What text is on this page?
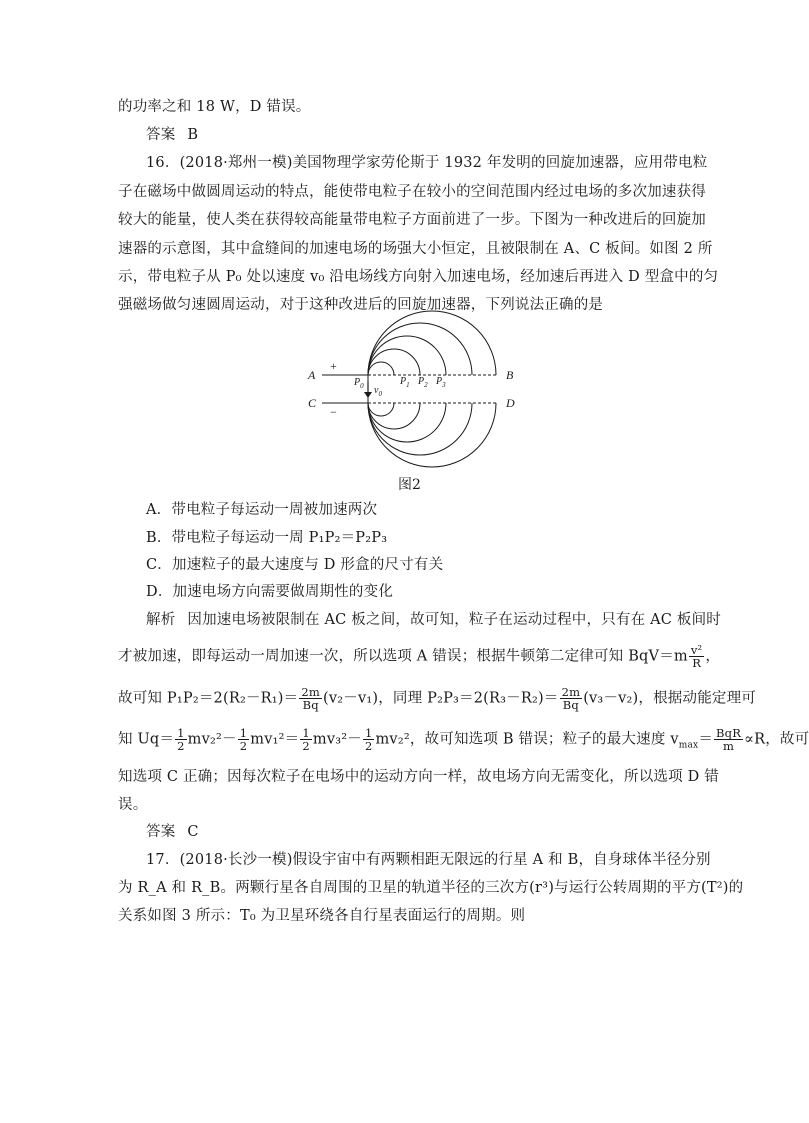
的功率之和 18 W，D 错误。
答案 B
16．(2018·郑州一模)美国物理学家劳伦斯于 1932 年发明的回旋加速器，应用带电粒
子在磁场中做圆周运动的特点，能使带电粒子在较小的空间范围内经过电场的多次加速获得
较大的能量，使人类在获得较高能量带电粒子方面前进了一步。下图为一种改进后的回旋加
速器的示意图，其中盒缝间的加速电场的场强大小恒定，且被限制在 A、C 板间。如图 2 所
示，带电粒子从 P₀ 处以速度 v₀ 沿电场线方向射入加速电场，经加速后再进入 D 型盒中的匀
强磁场做匀速圆周运动，对于这种改进后的回旋加速器，下列说法正确的是
A	B
C	D
+
−
$P_0$ $v_0$
$P_1$ $P_2$ $P_3$
图2
A．带电粒子每运动一周被加速两次
B．带电粒子每运动一周 P₁P₂＝P₂P₃
C．加速粒子的最大速度与 D 形盒的尺寸有关
D．加速电场方向需要做周期性的变化
解析 因加速电场被限制在 AC 板之间，故可知，粒子在运动过程中，只有在 AC 板间时
才被加速，即每运动一周加速一次，所以选项 A 错误；根据牛顿第二定律可知 $BqV=m \frac{\text{v²}}{R}$ ，
故可知 $P_1P_2=2(R_2-R_1)= \frac{2m}{Bq} (v_2-v_1)$，同理 $P_2P_3=2(R_3-R_2)= \frac{2m}{Bq} (v_3-v_2)$，根据动能定理可
知 $Uq= \frac{1}{2} mv_2^2- \frac{1}{2} mv_1^2= \frac{1}{2} mv_3^2- \frac{1}{2} mv_2^2$，故可知选项 B 错误；粒子的最大速度 $v_{max}= \frac{\text{BqR}}{m} \propto R$，故可
知选项 C 正确；因每次粒子在电场中的运动方向一样，故电场方向无需变化，所以选项 D 错
误。
答案 C
17．(2018·长沙一模)假设宇宙中有两颗相距无限远的行星 A 和 B，自身球体半径分别
为 R_A 和 R_B。两颗行星各自周围的卫星的轨道半径的三次方(r³)与运行公转周期的平方(T²)的
关系如图 3 所示：T₀ 为卫星环绕各自行星表面运行的周期。则
